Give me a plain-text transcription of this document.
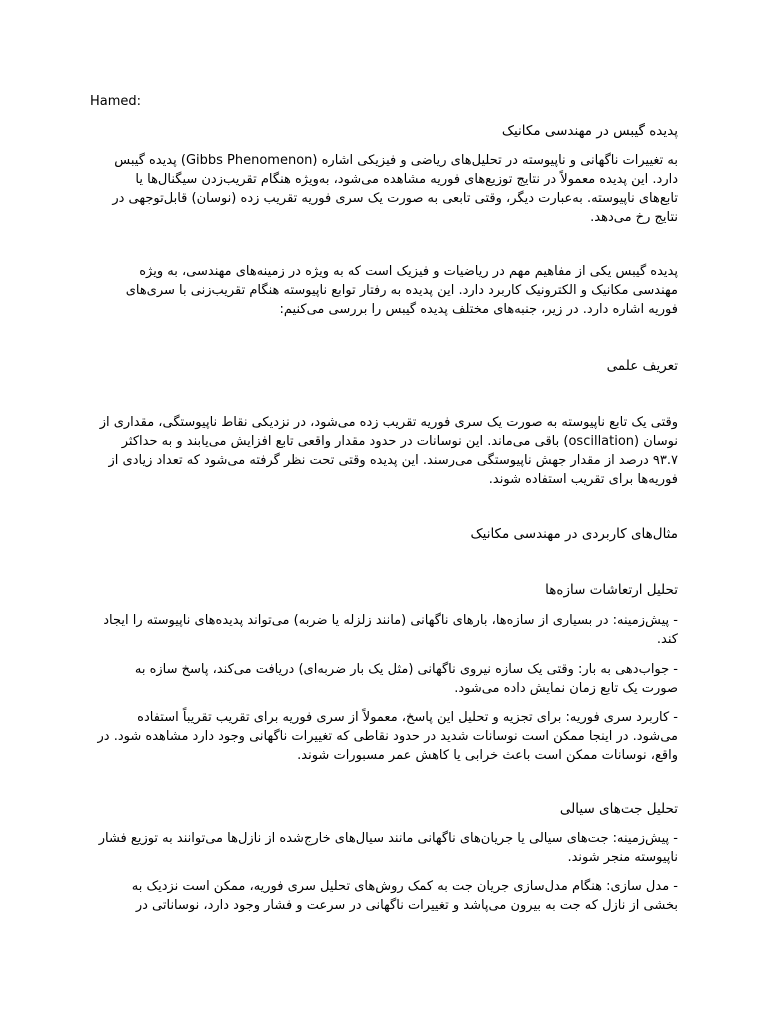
Hamed:
پدیده گیبس در مهندسی مکانیک

به تغییرات ناگهانی و ناپیوسته در تحلیل‌های ریاضی و فیزیکی اشاره (Gibbs Phenomenon) پدیده گیبس دارد. این پدیده معمولاً در نتایج توزیع‌های فوریه مشاهده می‌شود، به‌ویژه هنگام تقریب‌زدن سیگنال‌ها یا تابع‌های ناپیوسته. به‌عبارت دیگر، وقتی تابعی به صورت یک سری فوریه تقریب زده (نوسان) قابل‌توجهی در نتایج رخ می‌دهد.

پدیده گیبس یکی از مفاهیم مهم در ریاضیات و فیزیک است که به ویژه در زمینه‌های مهندسی، به ویژه مهندسی مکانیک و الکترونیک کاربرد دارد. این پدیده به رفتار توابع ناپیوسته هنگام تقریب‌زنی با سری‌های فوریه اشاره دارد. در زیر، جنبه‌های مختلف پدیده گیبس را بررسی می‌کنیم:

تعریف علمی

وقتی یک تابع ناپیوسته به صورت یک سری فوریه تقریب زده می‌شود، در نزدیکی نقاط ناپیوستگی، مقداری از نوسان (oscillation) باقی می‌ماند. این نوسانات در حدود مقدار واقعی تابع افزایش می‌یابند و به حداکثر ۹۳.۷ درصد از مقدار جهش ناپیوستگی می‌رسند. این پدیده وقتی تحت نظر گرفته می‌شود که تعداد زیادی از فوریه‌ها برای تقریب استفاده شوند.

مثال‌های کاربردی در مهندسی مکانیک
تحلیل ارتعاشات سازه‌ها

- پیش‌زمینه: در بسیاری از سازه‌ها، بارهای ناگهانی (مانند زلزله یا ضربه) می‌تواند پدیده‌های ناپیوسته را ایجاد کند.

- جواب‌دهی به بار: وقتی یک سازه نیروی ناگهانی (مثل یک بار ضربه‌ای) دریافت می‌کند، پاسخ سازه به صورت یک تابع زمان نمایش داده می‌شود.

- کاربرد سری فوریه: برای تجزیه و تحلیل این پاسخ، معمولاً از سری فوریه برای تقریب تقریباً استفاده می‌شود. در اینجا ممکن است نوسانات شدید در حدود نقاطی که تغییرات ناگهانی وجود دارد مشاهده شود. در واقع، نوسانات ممکن است باعث خرابی یا کاهش عمر مسبورات شوند.

تحلیل جت‌های سیالی

- پیش‌زمینه: جت‌های سیالی یا جریان‌های ناگهانی مانند سیال‌های خارج‌شده از نازل‌ها می‌توانند به توزیع فشار ناپیوسته منجر شوند.

- مدل سازی: هنگام مدل‌سازی جریان جت به کمک روش‌های تحلیل سری فوریه، ممکن است نزدیک به بخشی از نازل که جت به بیرون می‌پاشد و تغییرات ناگهانی در سرعت و فشار وجود دارد، نوساناتی در
